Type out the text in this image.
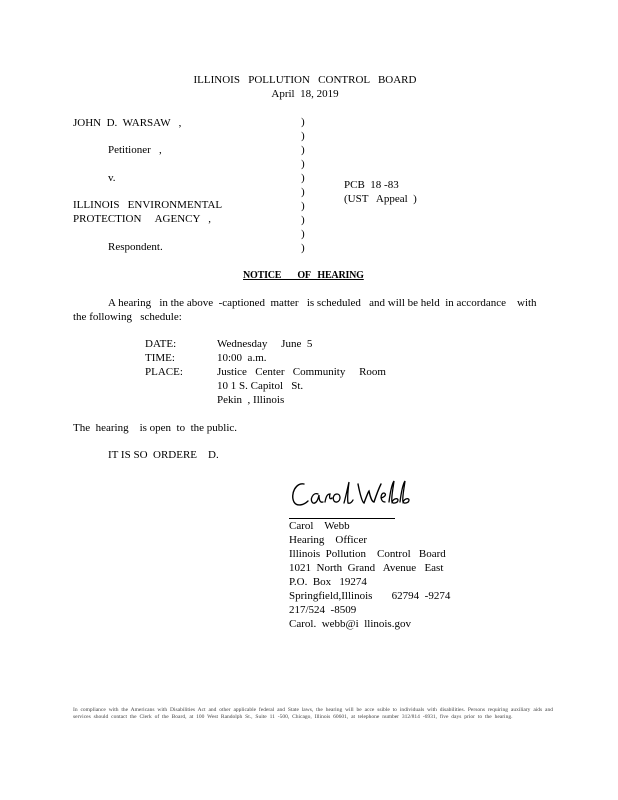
ILLINOIS   POLLUTION   CONTROL   BOARD
April  18, 2019
JOHN  D.  WARSAW   ,
Petitioner   ,
v.
ILLINOIS   ENVIRONMENTAL
PROTECTION     AGENCY   ,
Respondent.
)
)
)
)
)
)
)
)
)
)
PCB  18 -83
(UST   Appeal  )
NOTICE       OF   HEARING
A hearing   in the above  -captioned  matter   is scheduled   and will be held  in accordance    with
the following   schedule:
DATE:	Wednesday     June  5
TIME:	10:00  a.m.
PLACE:	Justice   Center   Community     Room
10 1 S. Capitol   St.
Pekin  , Illinois
The  hearing    is open  to  the public.
IT IS SO  ORDERE    D.
Carol    Webb
Hearing    Officer
Illinois  Pollution    Control   Board
1021  North  Grand   Avenue   East
P.O.  Box   19274
Springfield,Illinois       62794  -9274
217/524  -8509
Carol.  webb@i  llinois.gov
In compliance with the Americans with Disabilities Act and other applicable federal and State laws, the hearing will be acce ssible to individuals with disabilities. Persons requiring auxiliary aids and services should contact the Clerk of the Board, at 100 West Randolph St., Suite 11 -500, Chicago, Illinois 60601, at telephone number 312/814 -6931, five days prior to the hearing.
